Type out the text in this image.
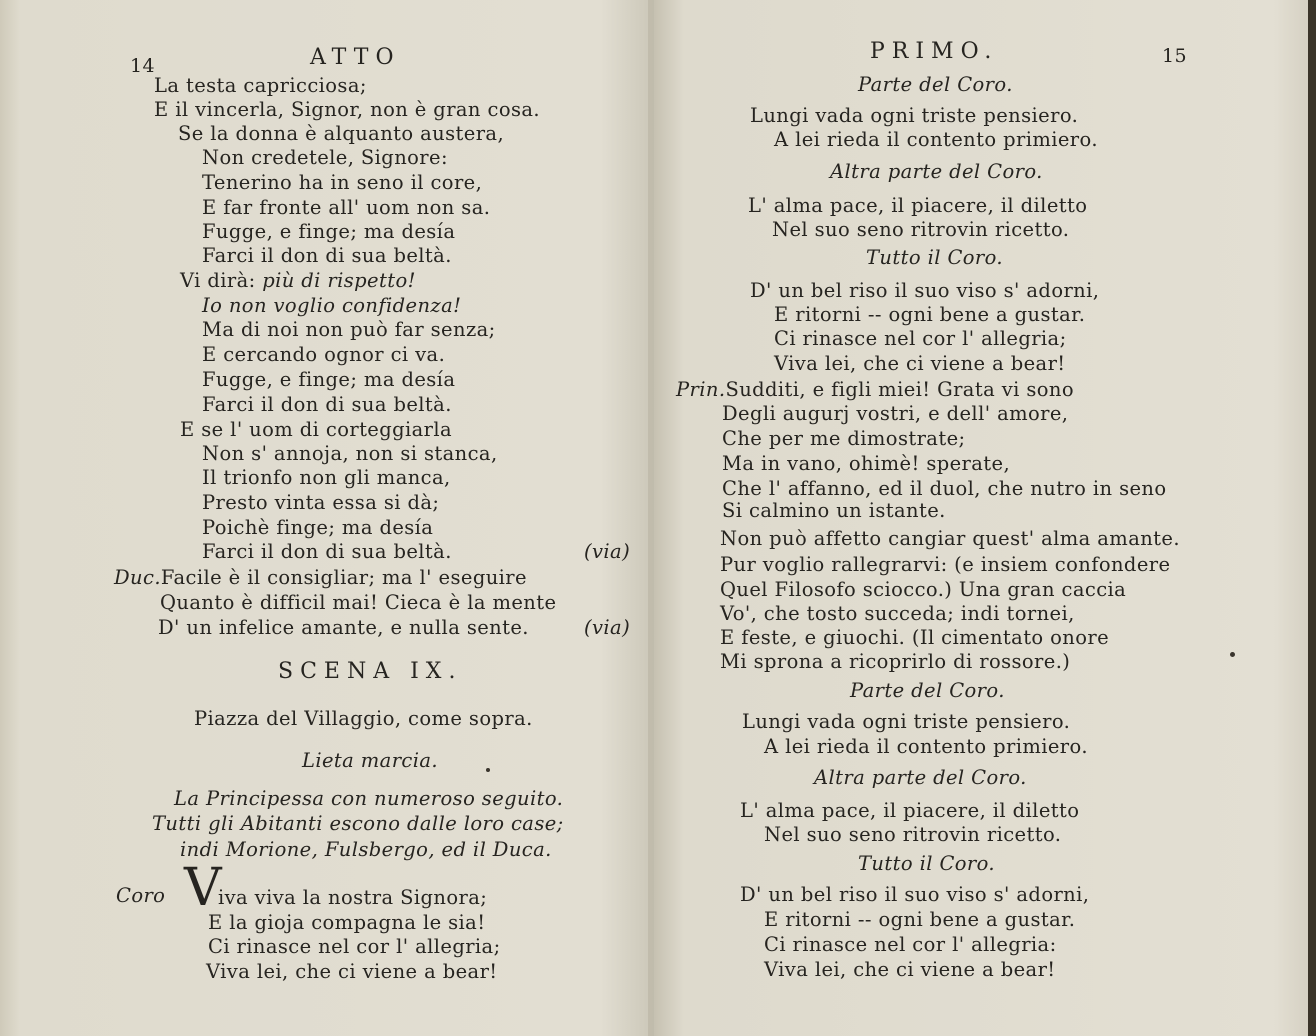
14	ATTO
La testa capricciosa;
E il vincerla, Signor, non è gran cosa.
Se la donna è alquanto austera,
Non credetele, Signore:
Tenerino ha in seno il core,
E far fronte all' uom non sa.
Fugge, e finge; ma desía
Farci il don di sua beltà.
Vi dirà: più di rispetto!
Io non voglio confidenza!
Ma di noi non può far senza;
E cercando ognor ci va.
Fugge, e finge; ma desía
Farci il don di sua beltà.
E se l' uom di corteggiarla
Non s' annoja, non si stanca,
Il trionfo non gli manca,
Presto vinta essa si dà;
Poichè finge; ma desía
Farci il don di sua beltà.	(via)
Duc.Facile è il consigliar; ma l' eseguire
Quanto è difficil mai! Cieca è la mente
D' un infelice amante, e nulla sente.	(via)
SCENA IX.
Piazza del Villaggio, come sopra.
Lieta marcia.
La Principessa con numeroso seguito.
Tutti gli Abitanti escono dalle loro case;
indi Morione, Fulsbergo, ed il Duca.
Coro V
iva viva la nostra Signora;
E la gioja compagna le sia!
Ci rinasce nel cor l' allegria;
Viva lei, che ci viene a bear!
PRIMO.	15
Parte del Coro.
Lungi vada ogni triste pensiero.
A lei rieda il contento primiero.
Altra parte del Coro.
L' alma pace, il piacere, il diletto
Nel suo seno ritrovin ricetto.
Tutto il Coro.
D' un bel riso il suo viso s' adorni,
E ritorni -- ogni bene a gustar.
Ci rinasce nel cor l' allegria;
Viva lei, che ci viene a bear!
Prin.Sudditi, e figli miei! Grata vi sono
Degli augurj vostri, e dell' amore,
Che per me dimostrate;
Ma in vano, ohimè! sperate,
Che l' affanno, ed il duol, che nutro in seno
Si calmino un istante.
Non può affetto cangiar quest' alma amante.
Pur voglio rallegrarvi: (e insiem confondere
Quel Filosofo sciocco.) Una gran caccia
Vo', che tosto succeda; indi tornei,
E feste, e giuochi. (Il cimentato onore
Mi sprona a ricoprirlo di rossore.)
Parte del Coro.
Lungi vada ogni triste pensiero.
A lei rieda il contento primiero.
Altra parte del Coro.
L' alma pace, il piacere, il diletto
Nel suo seno ritrovin ricetto.
Tutto il Coro.
D' un bel riso il suo viso s' adorni,
E ritorni -- ogni bene a gustar.
Ci rinasce nel cor l' allegria:
Viva lei, che ci viene a bear!
